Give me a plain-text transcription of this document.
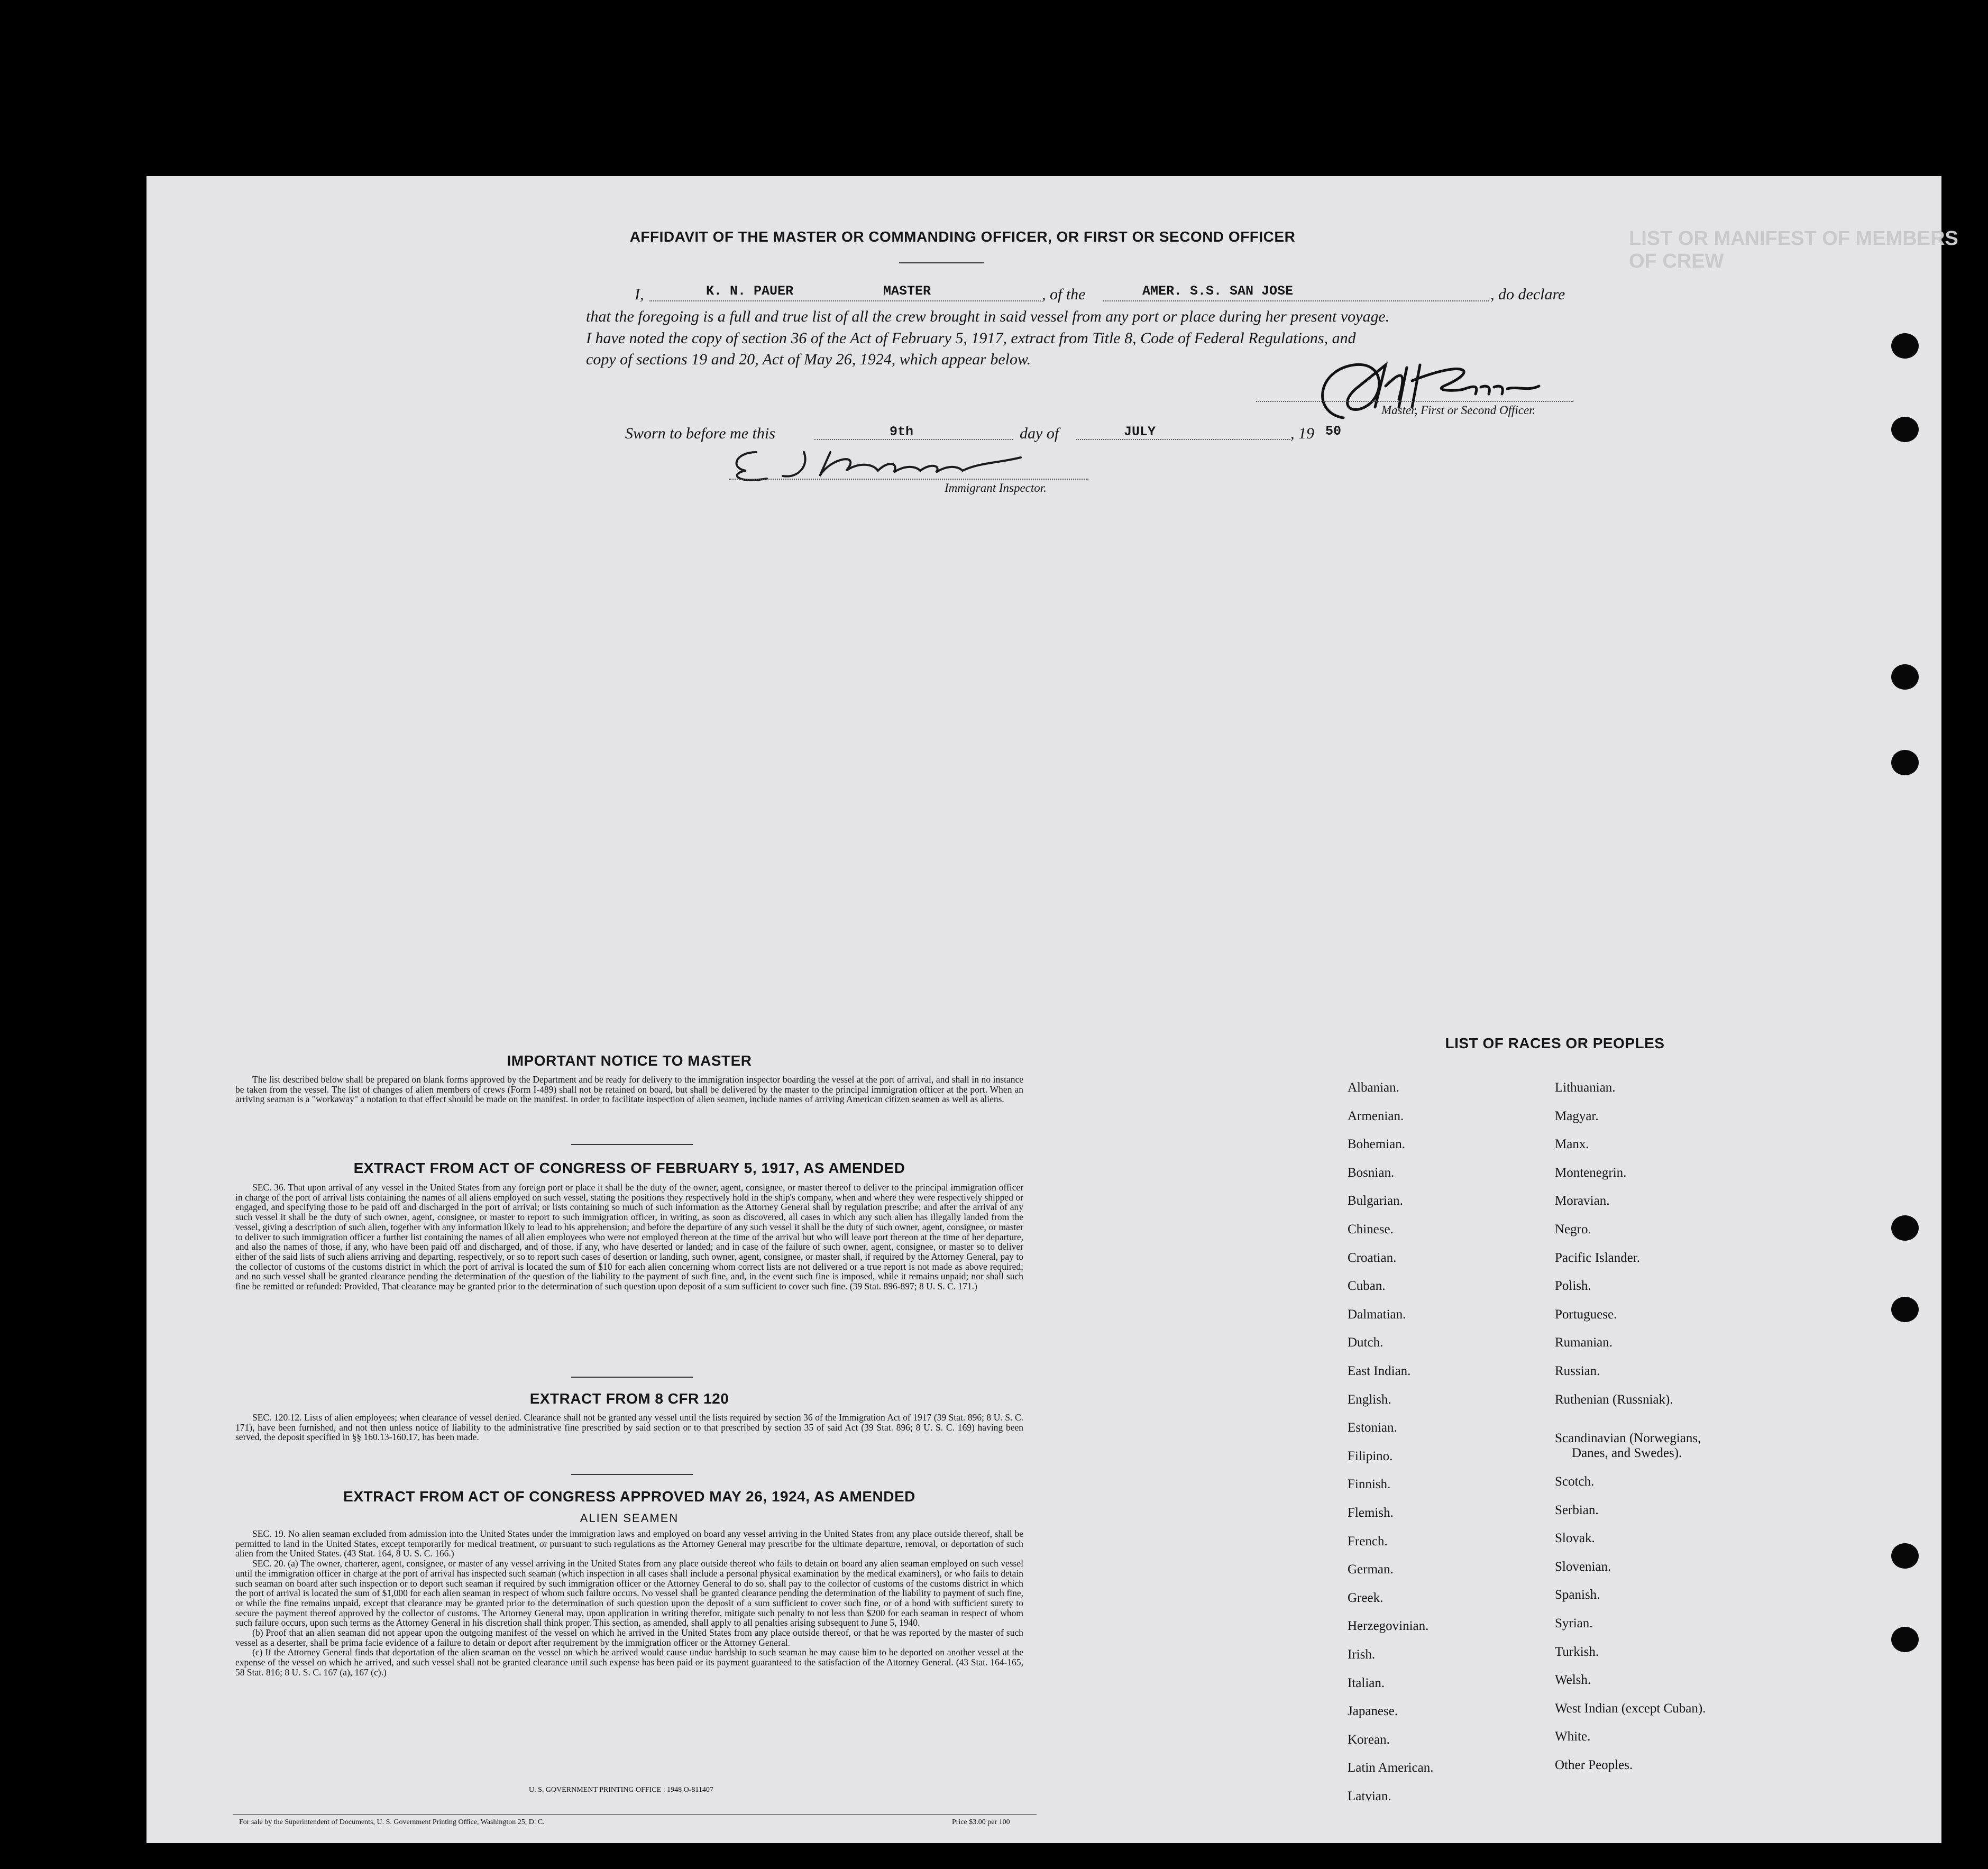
LIST OR MANIFEST OF MEMBERS OF CREW
AFFIDAVIT OF THE MASTER OR COMMANDING OFFICER, OR FIRST OR SECOND OFFICER
I,	K. N. PAUER	MASTER	, of the	AMER. S.S. SAN JOSE	, do declare
that the foregoing is a full and true list of all the crew brought in said vessel from any port or place during her present voyage.
I have noted the copy of section 36 of the Act of February 5, 1917, extract from Title 8, Code of Federal Regulations, and
copy of sections 19 and 20, Act of May 26, 1924, which appear below.
Master, First or Second Officer.
Sworn to before me this	9th	day of	JULY	, 19 50
Immigrant Inspector.
IMPORTANT NOTICE TO MASTER

The list described below shall be prepared on blank forms approved by the Department and be ready for delivery to the immigration inspector boarding the vessel at the port of arrival, and shall in no instance be taken from the vessel. The list of changes of alien members of crews (Form I-489) shall not be retained on board, but shall be delivered by the master to the principal immigration officer at the port. When an arriving seaman is a "workaway" a notation to that effect should be made on the manifest. In order to facilitate inspection of alien seamen, include names of arriving American citizen seamen as well as aliens.

EXTRACT FROM ACT OF CONGRESS OF FEBRUARY 5, 1917, AS AMENDED

SEC. 36. That upon arrival of any vessel in the United States from any foreign port or place it shall be the duty of the owner, agent, consignee, or master thereof to deliver to the principal immigration officer in charge of the port of arrival lists containing the names of all aliens employed on such vessel, stating the positions they respectively hold in the ship's company, when and where they were respectively shipped or engaged, and specifying those to be paid off and discharged in the port of arrival; or lists containing so much of such information as the Attorney General shall by regulation prescribe; and after the arrival of any such vessel it shall be the duty of such owner, agent, consignee, or master to report to such immigration officer, in writing, as soon as discovered, all cases in which any such alien has illegally landed from the vessel, giving a description of such alien, together with any information likely to lead to his apprehension; and before the departure of any such vessel it shall be the duty of such owner, agent, consignee, or master to deliver to such immigration officer a further list containing the names of all alien employees who were not employed thereon at the time of the arrival but who will leave port thereon at the time of her departure, and also the names of those, if any, who have been paid off and discharged, and of those, if any, who have deserted or landed; and in case of the failure of such owner, agent, consignee, or master so to deliver either of the said lists of such aliens arriving and departing, respectively, or so to report such cases of desertion or landing, such owner, agent, consignee, or master shall, if required by the Attorney General, pay to the collector of customs of the customs district in which the port of arrival is located the sum of $10 for each alien concerning whom correct lists are not delivered or a true report is not made as above required; and no such vessel shall be granted clearance pending the determination of the question of the liability to the payment of such fine, and, in the event such fine is imposed, while it remains unpaid; nor shall such fine be remitted or refunded: Provided, That clearance may be granted prior to the determination of such question upon deposit of a sum sufficient to cover such fine. (39 Stat. 896-897; 8 U. S. C. 171.)

EXTRACT FROM 8 CFR 120

SEC. 120.12. Lists of alien employees; when clearance of vessel denied. Clearance shall not be granted any vessel until the lists required by section 36 of the Immigration Act of 1917 (39 Stat. 896; 8 U. S. C. 171), have been furnished, and not then unless notice of liability to the administrative fine prescribed by said section or to that prescribed by section 35 of said Act (39 Stat. 896; 8 U. S. C. 169) having been served, the deposit specified in §§ 160.13-160.17, has been made.

EXTRACT FROM ACT OF CONGRESS APPROVED MAY 26, 1924, AS AMENDED
ALIEN SEAMEN

SEC. 19. No alien seaman excluded from admission into the United States under the immigration laws and employed on board any vessel arriving in the United States from any place outside thereof, shall be permitted to land in the United States, except temporarily for medical treatment, or pursuant to such regulations as the Attorney General may prescribe for the ultimate departure, removal, or deportation of such alien from the United States. (43 Stat. 164, 8 U. S. C. 166.)

SEC. 20. (a) The owner, charterer, agent, consignee, or master of any vessel arriving in the United States from any place outside thereof who fails to detain on board any alien seaman employed on such vessel until the immigration officer in charge at the port of arrival has inspected such seaman (which inspection in all cases shall include a personal physical examination by the medical examiners), or who fails to detain such seaman on board after such inspection or to deport such seaman if required by such immigration officer or the Attorney General to do so, shall pay to the collector of customs of the customs district in which the port of arrival is located the sum of $1,000 for each alien seaman in respect of whom such failure occurs. No vessel shall be granted clearance pending the determination of the liability to payment of such fine, or while the fine remains unpaid, except that clearance may be granted prior to the determination of such question upon the deposit of a sum sufficient to cover such fine, or of a bond with sufficient surety to secure the payment thereof approved by the collector of customs. The Attorney General may, upon application in writing therefor, mitigate such penalty to not less than $200 for each seaman in respect of whom such failure occurs, upon such terms as the Attorney General in his discretion shall think proper. This section, as amended, shall apply to all penalties arising subsequent to June 5, 1940.

(b) Proof that an alien seaman did not appear upon the outgoing manifest of the vessel on which he arrived in the United States from any place outside thereof, or that he was reported by the master of such vessel as a deserter, shall be prima facie evidence of a failure to detain or deport after requirement by the immigration officer or the Attorney General.

(c) If the Attorney General finds that deportation of the alien seaman on the vessel on which he arrived would cause undue hardship to such seaman he may cause him to be deported on another vessel at the expense of the vessel on which he arrived, and such vessel shall not be granted clearance until such expense has been paid or its payment guaranteed to the satisfaction of the Attorney General. (43 Stat. 164-165, 58 Stat. 816; 8 U. S. C. 167 (a), 167 (c).)

U. S. GOVERNMENT PRINTING OFFICE : 1948 O-811407
For sale by the Superintendent of Documents, U. S. Government Printing Office, Washington 25, D. C.	Price $3.00 per 100
LIST OF RACES OR PEOPLES
Albanian.
Armenian.
Bohemian.
Bosnian.
Bulgarian.
Chinese.
Croatian.
Cuban.
Dalmatian.
Dutch.
East Indian.
English.
Estonian.
Filipino.
Finnish.
Flemish.
French.
German.
Greek.
Herzegovinian.
Irish.
Italian.
Japanese.
Korean.
Latin American.
Latvian.
Lithuanian.
Magyar.
Manx.
Montenegrin.
Moravian.
Negro.
Pacific Islander.
Polish.
Portuguese.
Rumanian.
Russian.
Ruthenian (Russniak).
Scandinavian (Norwegians,
Danes, and Swedes).
Scotch.
Serbian.
Slovak.
Slovenian.
Spanish.
Syrian.
Turkish.
Welsh.
West Indian (except Cuban).
White.
Other Peoples.
